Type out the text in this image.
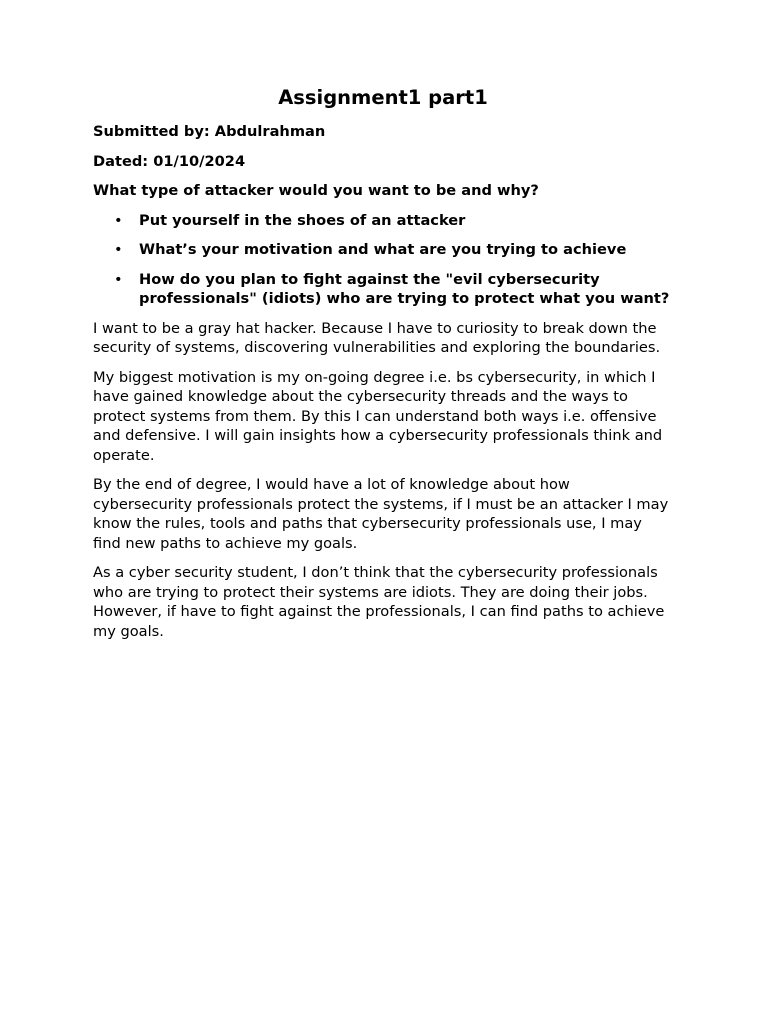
Assignment1 part1

Submitted by: Abdulrahman

Dated: 01/10/2024

What type of attacker would you want to be and why?

• Put yourself in the shoes of an attacker
• What’s your motivation and what are you trying to achieve
• How do you plan to fight against the "evil cybersecurity professionals" (idiots) who are trying to protect what you want?

I want to be a gray hat hacker. Because I have to curiosity to break down the security of systems, discovering vulnerabilities and exploring the boundaries.

My biggest motivation is my on-going degree i.e. bs cybersecurity, in which I have gained knowledge about the cybersecurity threads and the ways to protect systems from them. By this I can understand both ways i.e. offensive and defensive. I will gain insights how a cybersecurity professionals think and operate.

By the end of degree, I would have a lot of knowledge about how cybersecurity professionals protect the systems, if I must be an attacker I may know the rules, tools and paths that cybersecurity professionals use, I may find new paths to achieve my goals.

As a cyber security student, I don’t think that the cybersecurity professionals who are trying to protect their systems are idiots. They are doing their jobs. However, if have to fight against the professionals, I can find paths to achieve my goals.
